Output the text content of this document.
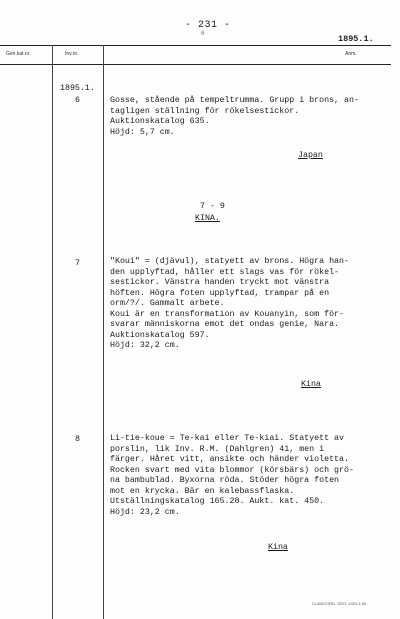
- 231 -
6
1895.1.
Gen.kat.nr.	Inv.nr.	Anm.
1895.1.
6	Gosse, stående på tempeltrumma. Grupp i brons, an-
tagligen ställning för rökelsestickor.
Auktionskatalog 635.
Höjd: 5,7 cm.
Japan
7 - 9
KINA.
7	"Koui" = (djävul), statyett av brons. Högra han-
den upplyftad, håller ett slags vas för rökel-
sestickor. Vänstra handen tryckt mot vänstra
höften. Högra foten upplyftad, trampar på en
orm/?/. Gammalt arbete.
Koui är en transformation av Kouanyin, som för-
svarar människorna emot det ondas genie, Nara.
Auktionskatalog 597.
Höjd: 32,2 cm.
Kina
8	Li-tie-koue = Te-kai eller Te-kiai. Statyett av
porslin, lik Inv. R.M. (Dahlgren) 41, men i
färger. Håret vitt, ansikte och händer violetta.
Rocken svart med vita blommor (körsbärs) och grö-
na bambublad. Byxorna röda. Stöder högra foten
mot en krycka. Bär en kalebassflaska.
Utställningskatalog 165.28. Aukt. kat. 450.
Höjd: 23,2 cm.
Kina
CLAVICORD. GEO. 4324.4.54
